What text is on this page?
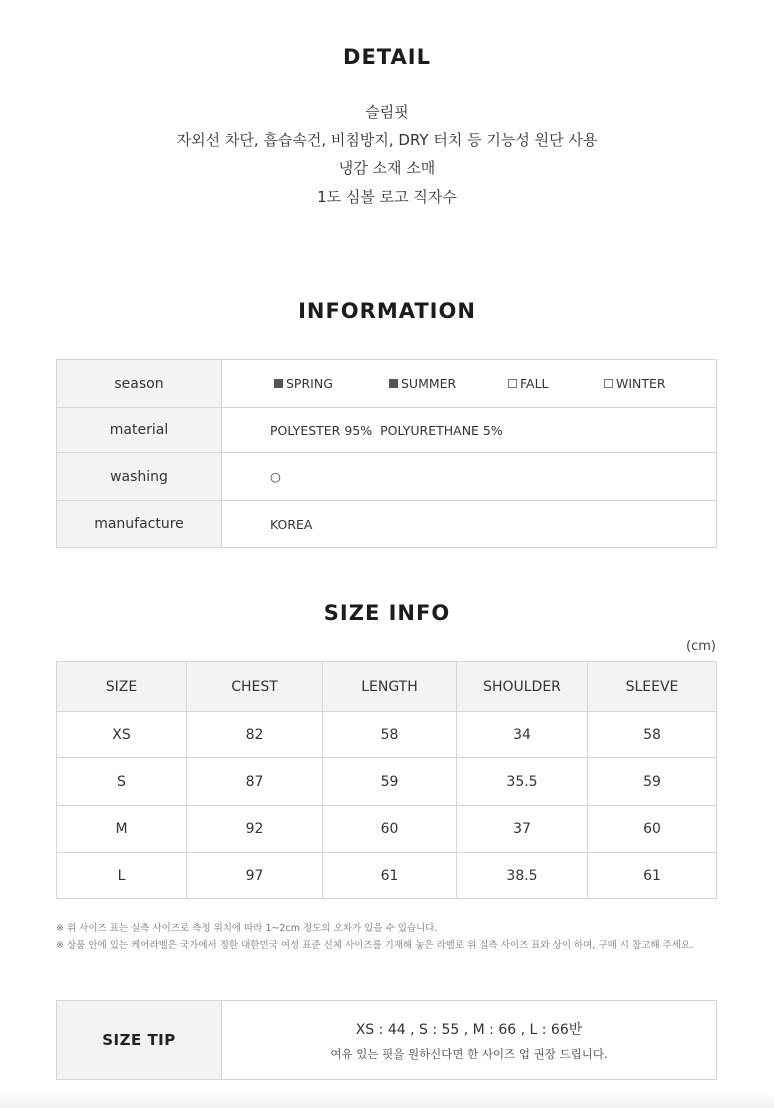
DETAIL
슬림핏
자외선 차단, 흡습속건, 비침방지, DRY 터치 등 기능성 원단 사용
냉감 소재 소매
1도 심볼 로고 직자수
INFORMATION
season	SPRING SUMMER FALL WINTER

material	POLYESTER 95%  POLYURETHANE 5%
washing	○
manufacture	KOREA
SIZE INFO
(cm)
SIZE	CHEST	LENGTH	SHOULDER	SLEEVE
XS	82	58	34	58
S	87	59	35.5	59
M	92	60	37	60
L	97	61	38.5	61
※ 위 사이즈 표는 실측 사이즈로 측정 위치에 따라 1~2cm 정도의 오차가 있을 수 있습니다.
※ 상품 안에 있는 케어라벨은 국가에서 정한 대한민국 여성 표준 신체 사이즈를 기재해 놓은 라벨로 위 실측 사이즈 표와 상이 하며, 구매 시 참고해 주세요.
SIZE TIP	
XS : 44 , S : 55 , M : 66 , L : 66반
여유 있는 핏을 원하신다면 한 사이즈 업 권장 드립니다.
